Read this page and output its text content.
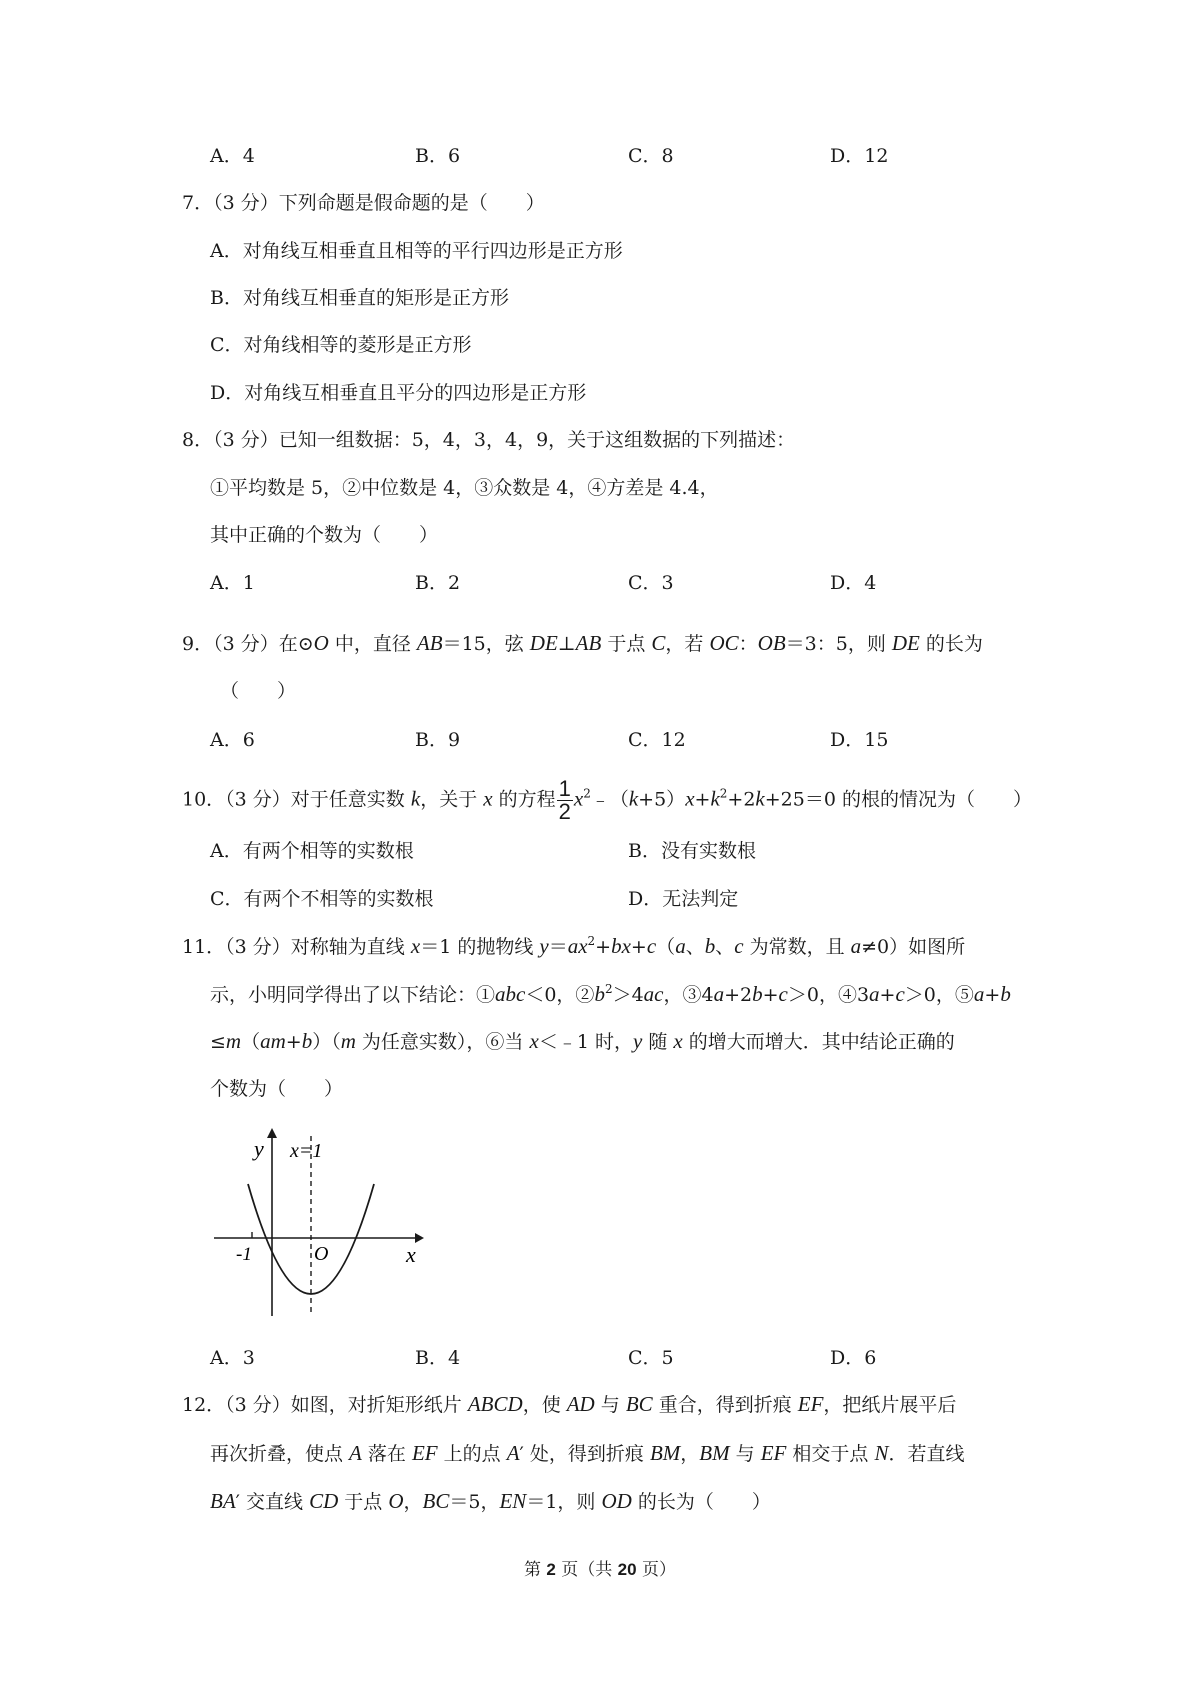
A．4	B．6	C．8	D．12
7．（3 分）下列命题是假命题的是（　　）
A．对角线互相垂直且相等的平行四边形是正方形
B．对角线互相垂直的矩形是正方形
C．对角线相等的菱形是正方形
D．对角线互相垂直且平分的四边形是正方形
8．（3 分）已知一组数据：5，4，3，4，9，关于这组数据的下列描述：
①平均数是 5，②中位数是 4，③众数是 4，④方差是 4.4，
其中正确的个数为（　　）
A．1	B．2	C．3	D．4
9．（3 分）在⊙O 中，直径 AB＝15，弦 DE⊥AB 于点 C，若 OC：OB＝3：5，则 DE 的长为
（　　）
A．6	B．9	C．12	D．15
10．（3 分）对于任意实数 k，关于 x 的方程 $\frac{1}{2}$ $x^2﹣(k+5)x+k^2+2k+25=0$ 的根的情况为（　　）
A．有两个相等的实数根	B．没有实数根
C．有两个不相等的实数根	D．无法判定
11．（3 分）对称轴为直线 x＝1 的抛物线 $y=ax^2+bx+c(a$、b、c 为常数，且 a≠0）如图所
示，小明同学得出了以下结论：①abc＜0，$②b^2>4ac$，③4a+2b+c＞0，④3a+c＞0，⑤a+b
≤m（am+b）（m 为任意实数），⑥当 x＜﹣1 时，y 随 x 的增大而增大．其中结论正确的
个数为（　　）
y x=1
-1	O	x
A．3	B．4	C．5	D．6
12．（3 分）如图，对折矩形纸片 ABCD，使 AD 与 BC 重合，得到折痕 EF，把纸片展平后
再次折叠，使点 A 落在 EF 上的点 A′ 处，得到折痕 BM，BM 与 EF 相交于点 N．若直线
BA′ 交直线 CD 于点 O，BC＝5，EN＝1，则 OD 的长为（　　）
第 2 页（共 20 页）
